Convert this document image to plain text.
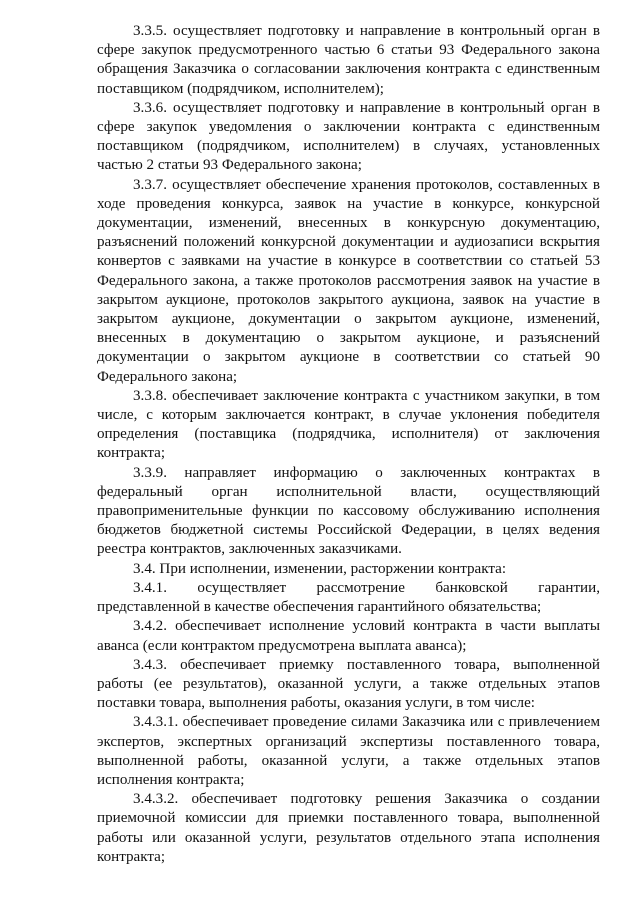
3.3.5. осуществляет подготовку и направление в контрольный орган в сфере закупок предусмотренного частью 6 статьи 93 Федерального закона обращения Заказчика о согласовании заключения контракта с единственным поставщиком (подрядчиком, исполнителем);

3.3.6. осуществляет подготовку и направление в контрольный орган в сфере закупок уведомления о заключении контракта с единственным поставщиком (подрядчиком, исполнителем) в случаях, установленных частью 2 статьи 93 Федерального закона;

3.3.7. осуществляет обеспечение хранения протоколов, составленных в ходе проведения конкурса, заявок на участие в конкурсе, конкурсной документации, изменений, внесенных в конкурсную документацию, разъяснений положений конкурсной документации и аудиозаписи вскрытия конвертов с заявками на участие в конкурсе в соответствии со статьей 53 Федерального закона, а также протоколов рассмотрения заявок на участие в закрытом аукционе, протоколов закрытого аукциона, заявок на участие в закрытом аукционе, документации о закрытом аукционе, изменений, внесенных в документацию о закрытом аукционе, и разъяснений документации о закрытом аукционе в соответствии со статьей 90 Федерального закона;

3.3.8. обеспечивает заключение контракта с участником закупки, в том числе, с которым заключается контракт, в случае уклонения победителя определения (поставщика (подрядчика, исполнителя) от заключения контракта;

3.3.9. направляет информацию о заключенных контрактах в федеральный орган исполнительной власти, осуществляющий правоприменительные функции по кассовому обслуживанию исполнения бюджетов бюджетной системы Российской Федерации, в целях ведения реестра контрактов, заключенных заказчиками.

3.4. При исполнении, изменении, расторжении контракта:

3.4.1. осуществляет рассмотрение банковской гарантии, представленной в качестве обеспечения гарантийного обязательства;

3.4.2. обеспечивает исполнение условий контракта в части выплаты аванса (если контрактом предусмотрена выплата аванса);

3.4.3. обеспечивает приемку поставленного товара, выполненной работы (ее результатов), оказанной услуги, а также отдельных этапов поставки товара, выполнения работы, оказания услуги, в том числе:

3.4.3.1. обеспечивает проведение силами Заказчика или с привлечением экспертов, экспертных организаций экспертизы поставленного товара, выполненной работы, оказанной услуги, а также отдельных этапов исполнения контракта;

3.4.3.2. обеспечивает подготовку решения Заказчика о создании приемочной комиссии для приемки поставленного товара, выполненной работы или оказанной услуги, результатов отдельного этапа исполнения контракта;
